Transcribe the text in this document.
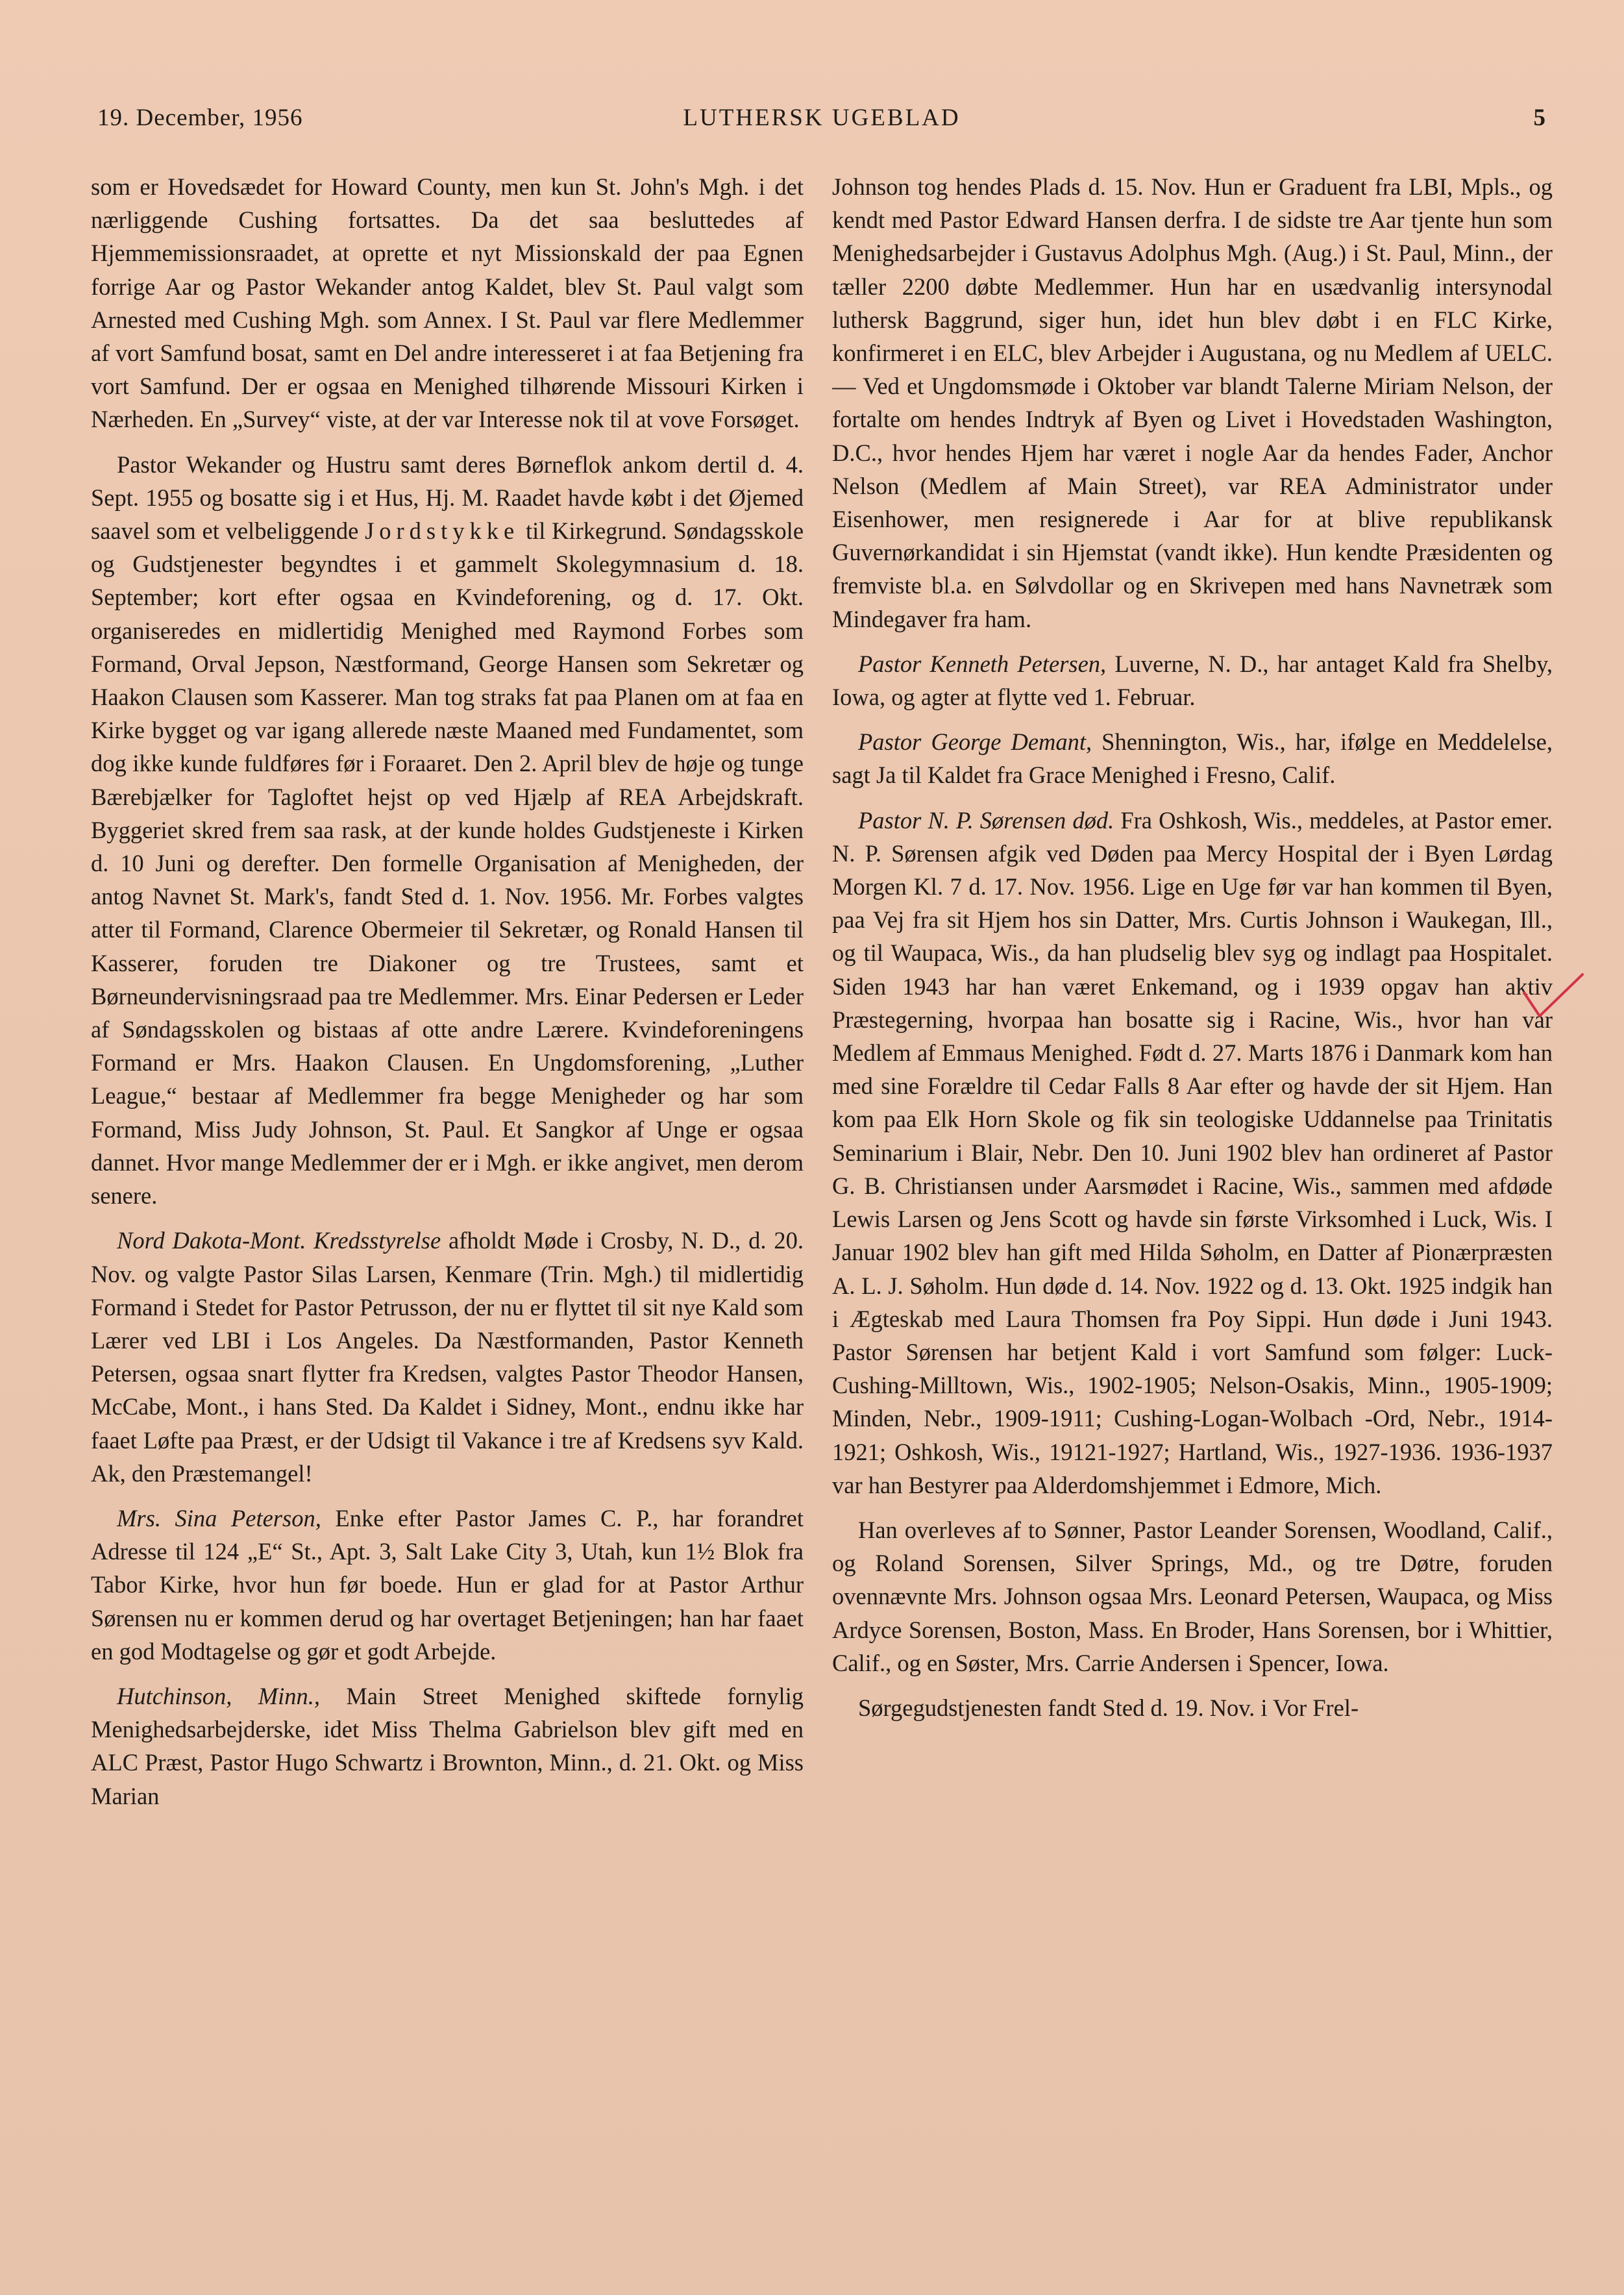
19. December, 1956	LUTHERSK UGEBLAD	5

som er Hovedsædet for Howard County, men kun St. John's Mgh. i det nærliggende Cushing fortsattes. Da det saa besluttedes af Hjemmemissionsraadet, at oprette et nyt Missionskald der paa Egnen forrige Aar og Pastor Wekander antog Kaldet, blev St. Paul valgt som Arnested med Cushing Mgh. som Annex. I St. Paul var flere Medlemmer af vort Samfund bosat, samt en Del andre interesseret i at faa Betjening fra vort Samfund. Der er ogsaa en Menighed tilhørende Missouri Kirken i Nærheden. En „Survey“ viste, at der var Interesse nok til at vove Forsøget.

Pastor Wekander og Hustru samt deres Børneflok ankom dertil d. 4. Sept. 1955 og bosatte sig i et Hus, Hj. M. Raadet havde købt i det Øjemed saavel som et velbeliggende Jordstykke til Kirkegrund. Søndagsskole og Gudstjenester begyndtes i et gammelt Skolegymnasium d. 18. September; kort efter ogsaa en Kvindeforening, og d. 17. Okt. organiseredes en midlertidig Menighed med Raymond Forbes som Formand, Orval Jepson, Næstformand, George Hansen som Sekretær og Haakon Clausen som Kasserer. Man tog straks fat paa Planen om at faa en Kirke bygget og var igang allerede næste Maaned med Fundamentet, som dog ikke kunde fuldføres før i Foraaret. Den 2. April blev de høje og tunge Bærebjælker for Tagloftet hejst op ved Hjælp af REA Arbejdskraft. Byggeriet skred frem saa rask, at der kunde holdes Gudstjeneste i Kirken d. 10 Juni og derefter. Den formelle Organisation af Menigheden, der antog Navnet St. Mark's, fandt Sted d. 1. Nov. 1956. Mr. Forbes valgtes atter til Formand, Clarence Obermeier til Sekretær, og Ronald Hansen til Kasserer, foruden tre Diakoner og tre Trustees, samt et Børneundervisningsraad paa tre Medlemmer. Mrs. Einar Pedersen er Leder af Søndagsskolen og bistaas af otte andre Lærere. Kvindeforeningens Formand er Mrs. Haakon Clausen. En Ungdomsforening, „Luther League,“ bestaar af Medlemmer fra begge Menigheder og har som Formand, Miss Judy Johnson, St. Paul. Et Sangkor af Unge er ogsaa dannet. Hvor mange Medlemmer der er i Mgh. er ikke angivet, men derom senere.

Nord Dakota-Mont. Kredsstyrelse afholdt Møde i Crosby, N. D., d. 20. Nov. og valgte Pastor Silas Larsen, Kenmare (Trin. Mgh.) til midlertidig Formand i Stedet for Pastor Petrusson, der nu er flyttet til sit nye Kald som Lærer ved LBI i Los Angeles. Da Næstformanden, Pastor Kenneth Petersen, ogsaa snart flytter fra Kredsen, valgtes Pastor Theodor Hansen, McCabe, Mont., i hans Sted. Da Kaldet i Sidney, Mont., endnu ikke har faaet Løfte paa Præst, er der Udsigt til Vakance i tre af Kredsens syv Kald. Ak, den Præstemangel!

Mrs. Sina Peterson, Enke efter Pastor James C. P., har forandret Adresse til 124 „E“ St., Apt. 3, Salt Lake City 3, Utah, kun 1½ Blok fra Tabor Kirke, hvor hun før boede. Hun er glad for at Pastor Arthur Sørensen nu er kommen derud og har overtaget Betjeningen; han har faaet en god Modtagelse og gør et godt Arbejde.

Hutchinson, Minn., Main Street Menighed skiftede fornylig Menighedsarbejderske, idet Miss Thelma Gabrielson blev gift med en ALC Præst, Pastor Hugo Schwartz i Brownton, Minn., d. 21. Okt. og Miss Marian

Johnson tog hendes Plads d. 15. Nov. Hun er Graduent fra LBI, Mpls., og kendt med Pastor Edward Hansen derfra. I de sidste tre Aar tjente hun som Menighedsarbejder i Gustavus Adolphus Mgh. (Aug.) i St. Paul, Minn., der tæller 2200 døbte Medlemmer. Hun har en usædvanlig intersynodal luthersk Baggrund, siger hun, idet hun blev døbt i en FLC Kirke, konfirmeret i en ELC, blev Arbejder i Augustana, og nu Medlem af UELC. — Ved et Ungdomsmøde i Oktober var blandt Talerne Miriam Nelson, der fortalte om hendes Indtryk af Byen og Livet i Hovedstaden Washington, D.C., hvor hendes Hjem har været i nogle Aar da hendes Fader, Anchor Nelson (Medlem af Main Street), var REA Administrator under Eisenhower, men resignerede i Aar for at blive republikansk Guvernørkandidat i sin Hjemstat (vandt ikke). Hun kendte Præsidenten og fremviste bl.a. en Sølvdollar og en Skrivepen med hans Navnetræk som Mindegaver fra ham.

Pastor Kenneth Petersen, Luverne, N. D., har antaget Kald fra Shelby, Iowa, og agter at flytte ved 1. Februar.

Pastor George Demant, Shennington, Wis., har, ifølge en Meddelelse, sagt Ja til Kaldet fra Grace Menighed i Fresno, Calif.

Pastor N. P. Sørensen død. Fra Oshkosh, Wis., meddeles, at Pastor emer. N. P. Sørensen afgik ved Døden paa Mercy Hospital der i Byen Lørdag Morgen Kl. 7 d. 17. Nov. 1956. Lige en Uge før var han kommen til Byen, paa Vej fra sit Hjem hos sin Datter, Mrs. Curtis Johnson i Waukegan, Ill., og til Waupaca, Wis., da han pludselig blev syg og indlagt paa Hospitalet. Siden 1943 har han været Enkemand, og i 1939 opgav han aktiv Præstegerning, hvorpaa han bosatte sig i Racine, Wis., hvor han var Medlem af Emmaus Menighed. Født d. 27. Marts 1876 i Danmark kom han med sine Forældre til Cedar Falls 8 Aar efter og havde der sit Hjem. Han kom paa Elk Horn Skole og fik sin teologiske Uddannelse paa Trinitatis Seminarium i Blair, Nebr. Den 10. Juni 1902 blev han ordineret af Pastor G. B. Christiansen under Aarsmødet i Racine, Wis., sammen med afdøde Lewis Larsen og Jens Scott og havde sin første Virksomhed i Luck, Wis. I Januar 1902 blev han gift med Hilda Søholm, en Datter af Pionærpræsten A. L. J. Søholm. Hun døde d. 14. Nov. 1922 og d. 13. Okt. 1925 indgik han i Ægteskab med Laura Thomsen fra Poy Sippi. Hun døde i Juni 1943. Pastor Sørensen har betjent Kald i vort Samfund som følger: Luck-Cushing-Milltown, Wis., 1902-1905; Nelson-Osakis, Minn., 1905-1909; Minden, Nebr., 1909-1911; Cushing-Logan-Wolbach -Ord, Nebr., 1914-1921; Oshkosh, Wis., 19121-1927; Hartland, Wis., 1927-1936. 1936-1937 var han Bestyrer paa Alderdomshjemmet i Edmore, Mich.

Han overleves af to Sønner, Pastor Leander Sorensen, Woodland, Calif., og Roland Sorensen, Silver Springs, Md., og tre Døtre, foruden ovennævnte Mrs. Johnson ogsaa Mrs. Leonard Petersen, Waupaca, og Miss Ardyce Sorensen, Boston, Mass. En Broder, Hans Sorensen, bor i Whittier, Calif., og en Søster, Mrs. Carrie Andersen i Spencer, Iowa.

Sørgegudstjenesten fandt Sted d. 19. Nov. i Vor Frel-
